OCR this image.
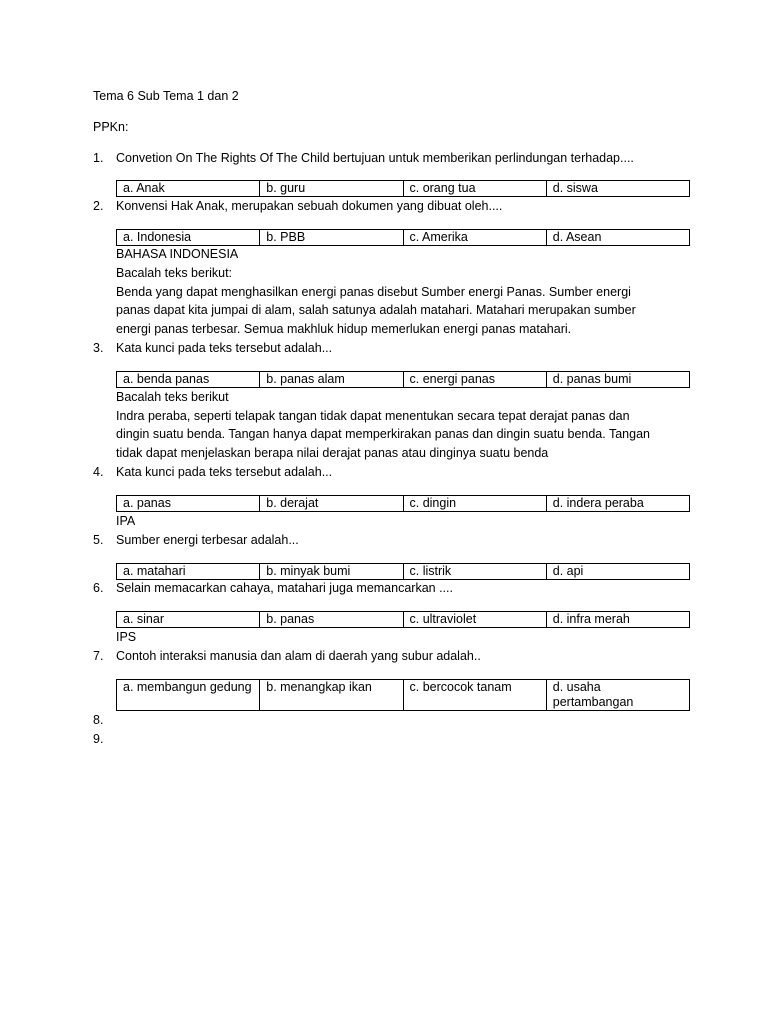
Tema 6 Sub Tema 1 dan 2
PPKn:
1. Convetion On The Rights Of The Child bertujuan untuk memberikan perlindungan terhadap....
a. Anak	b. guru	c. orang tua	d. siswa
2. Konvensi Hak Anak, merupakan sebuah dokumen yang dibuat oleh....
a. Indonesia	b. PBB	c. Amerika	d. Asean
BAHASA INDONESIA
Bacalah teks berikut:
Benda yang dapat menghasilkan energi panas disebut Sumber energi Panas. Sumber energi
panas dapat kita jumpai di alam, salah satunya adalah matahari. Matahari merupakan sumber
energi panas terbesar. Semua makhluk hidup memerlukan energi panas matahari.
3. Kata kunci pada teks tersebut adalah...
a. benda panas	b. panas alam	c. energi panas	d. panas bumi
Bacalah teks berikut
Indra peraba, seperti telapak tangan tidak dapat menentukan secara tepat derajat panas dan
dingin suatu benda. Tangan hanya dapat memperkirakan panas dan dingin suatu benda. Tangan
tidak dapat menjelaskan berapa nilai derajat panas atau dinginya suatu benda
4. Kata kunci pada teks tersebut adalah...
a. panas	b. derajat	c. dingin	d. indera peraba
IPA
5. Sumber energi terbesar adalah...
a. matahari	b. minyak bumi	c. listrik	d. api
6. Selain memacarkan cahaya, matahari juga memancarkan ....
a. sinar	b. panas	c. ultraviolet	d. infra merah
IPS
7. Contoh interaksi manusia dan alam di daerah yang subur adalah..
a. membangun gedung	b. menangkap ikan	c. bercocok tanam	d. usaha pertambangan
8.
9.
